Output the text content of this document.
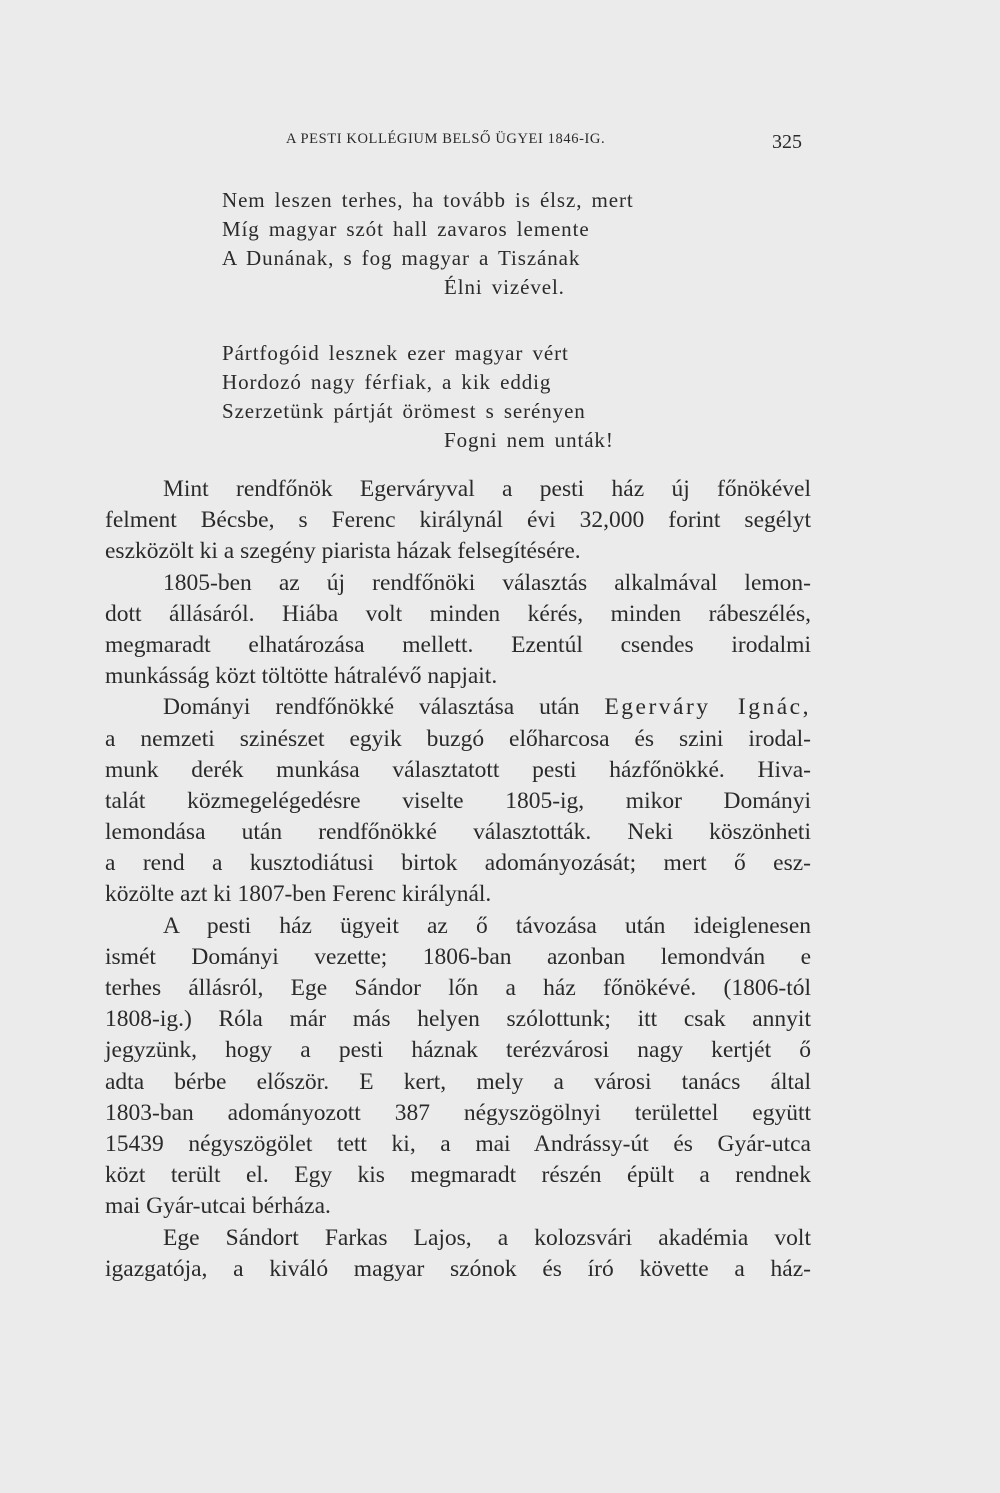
A PESTI KOLLÉGIUM BELSŐ ÜGYEI 1846-IG.	325
Nem leszen terhes, ha tovább is élsz, mert
Míg magyar szót hall zavaros lemente
A Dunának, s fog magyar a Tiszának
Élni vizével.
Pártfogóid lesznek ezer magyar vért
Hordozó nagy férfiak, a kik eddig
Szerzetünk pártját örömest s serényen
Fogni nem unták!
Mint rendfőnök Egerváryval a pesti ház új főnökével
felment Bécsbe, s Ferenc királynál évi 32,000 forint segélyt
eszközölt ki a szegény piarista házak felsegítésére.
1805-ben az új rendfőnöki választás alkalmával lemon-
dott állásáról. Hiába volt minden kérés, minden rábeszélés,
megmaradt elhatározása mellett. Ezentúl csendes irodalmi
munkásság közt töltötte hátralévő napjait.
Dományi rendfőnökké választása után Egerváry Ignác,
a nemzeti szinészet egyik buzgó előharcosa és szini irodal-
munk derék munkása választatott pesti házfőnökké. Hiva-
talát közmegelégedésre viselte 1805-ig, mikor Dományi
lemondása után rendfőnökké választották. Neki köszönheti
a rend a kusztodiátusi birtok adományozását; mert ő esz-
közölte azt ki 1807-ben Ferenc királynál.
A pesti ház ügyeit az ő távozása után ideiglenesen
ismét Dományi vezette; 1806-ban azonban lemondván e
terhes állásról, Ege Sándor lőn a ház főnökévé. (1806-tól
1808-ig.) Róla már más helyen szólottunk; itt csak annyit
jegyzünk, hogy a pesti háznak terézvárosi nagy kertjét ő
adta bérbe először. E kert, mely a városi tanács által
1803-ban adományozott 387 négyszögölnyi területtel együtt
15439 négyszögölet tett ki, a mai Andrássy-út és Gyár-utca
közt terült el. Egy kis megmaradt részén épült a rendnek
mai Gyár-utcai bérháza.
Ege Sándort Farkas Lajos, a kolozsvári akadémia volt
igazgatója, a kiváló magyar szónok és író követte a ház-
